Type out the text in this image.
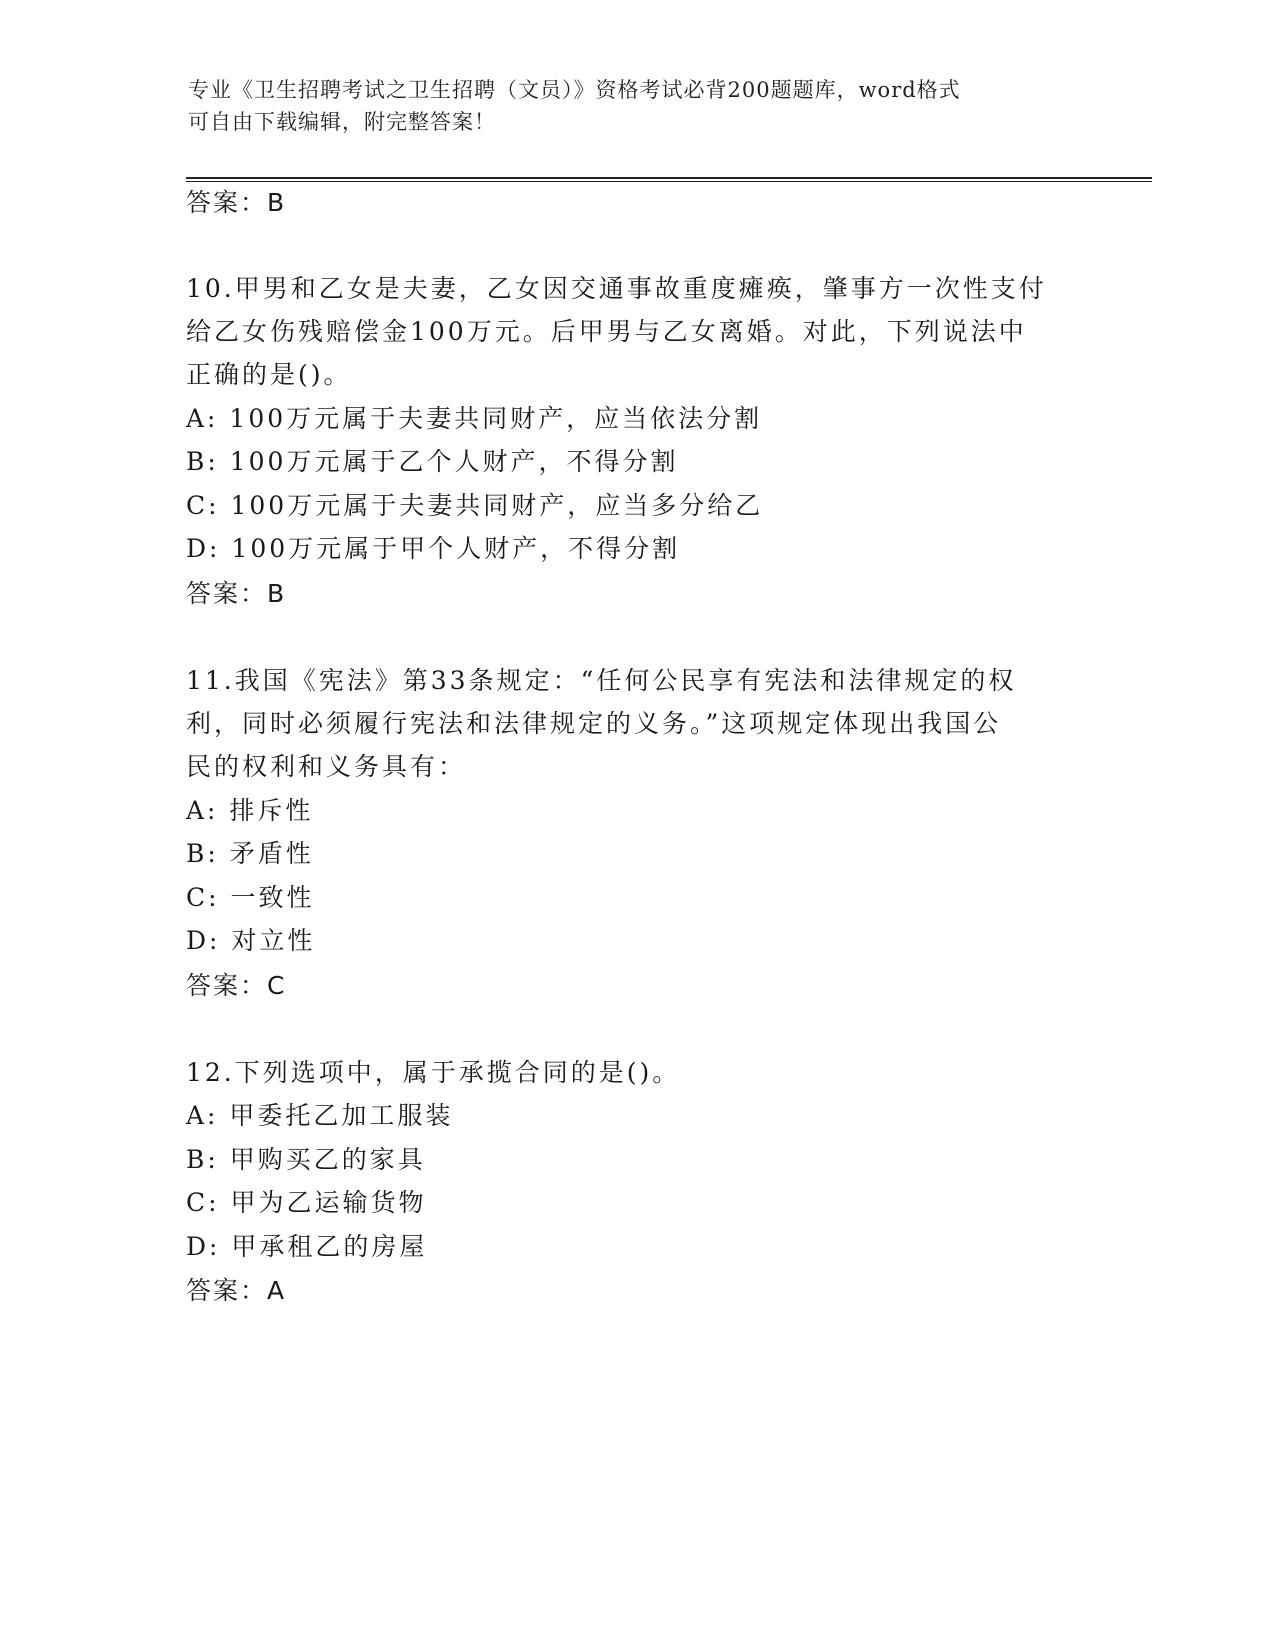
专业《卫生招聘考试之卫生招聘（文员）》资格考试必背200题题库，word格式
可自由下载编辑，附完整答案！
答案：B
10.甲男和乙女是夫妻，乙女因交通事故重度瘫痪，肇事方一次性支付
给乙女伤残赔偿金100万元。后甲男与乙女离婚。对此，下列说法中
正确的是()。
A: 100万元属于夫妻共同财产，应当依法分割
B: 100万元属于乙个人财产，不得分割
C: 100万元属于夫妻共同财产，应当多分给乙
D: 100万元属于甲个人财产，不得分割
答案：B
11.我国《宪法》第33条规定：“任何公民享有宪法和法律规定的权
利，同时必须履行宪法和法律规定的义务。”这项规定体现出我国公
民的权利和义务具有：
A: 排斥性
B: 矛盾性
C: 一致性
D: 对立性
答案：C
12.下列选项中，属于承揽合同的是()。
A: 甲委托乙加工服装
B: 甲购买乙的家具
C: 甲为乙运输货物
D: 甲承租乙的房屋
答案：A
